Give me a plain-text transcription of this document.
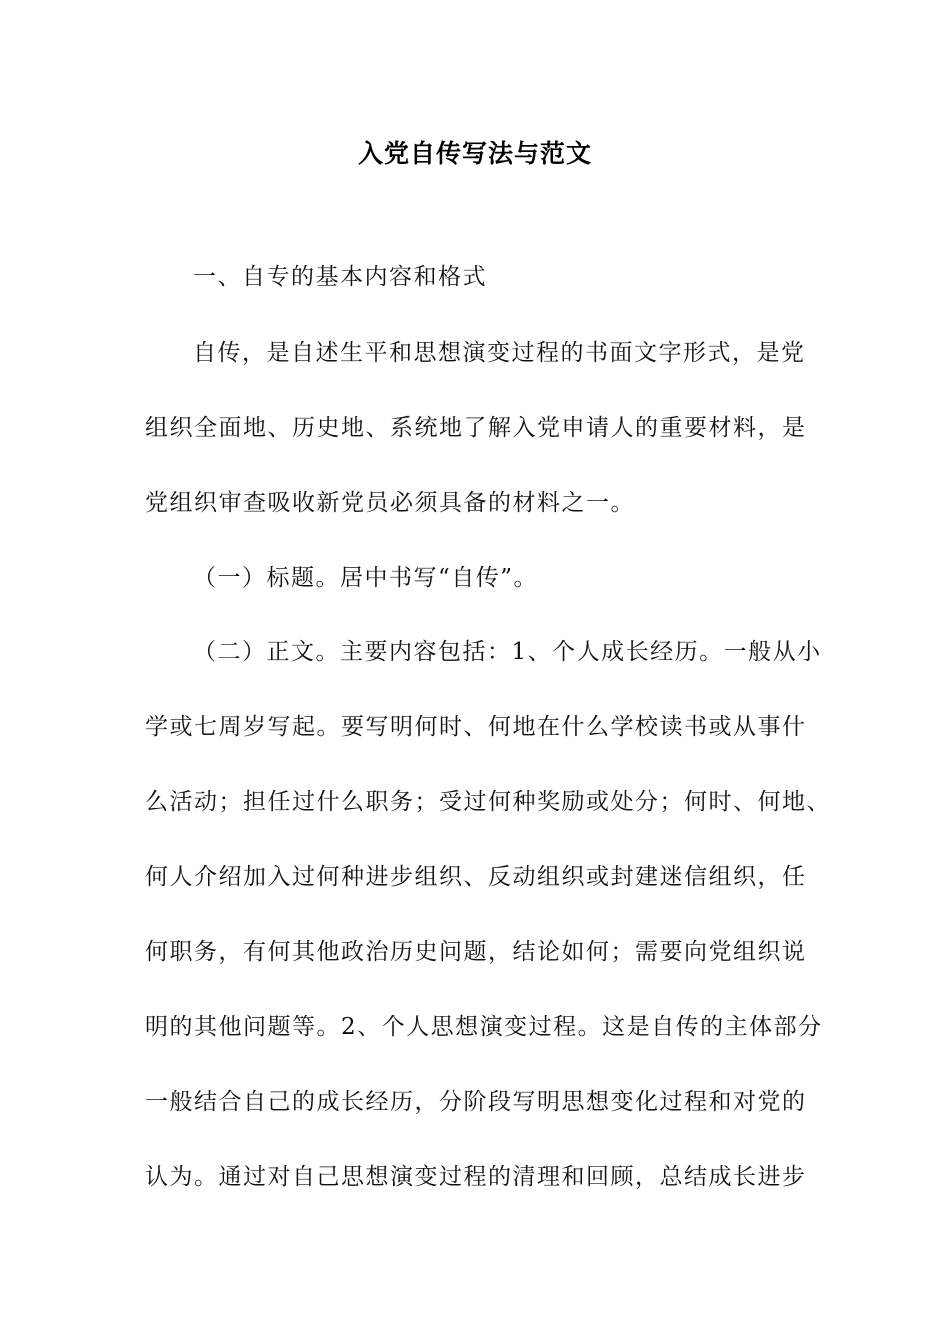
入党自传写法与范文
一、自专的基本内容和格式
自传，是自述生平和思想演变过程的书面文字形式，是党
组织全面地、历史地、系统地了解入党申请人的重要材料，是
党组织审查吸收新党员必须具备的材料之一。
（一）标题。居中书写“自传”。
（二）正文。主要内容包括：1、个人成长经历。一般从小
学或七周岁写起。要写明何时、何地在什么学校读书或从事什
么活动；担任过什么职务；受过何种奖励或处分；何时、何地、
何人介绍加入过何种进步组织、反动组织或封建迷信组织，任
何职务，有何其他政治历史问题，结论如何；需要向党组织说
明的其他问题等。2、个人思想演变过程。这是自传的主体部分
一般结合自己的成长经历，分阶段写明思想变化过程和对党的
认为。通过对自己思想演变过程的清理和回顾，总结成长进步
